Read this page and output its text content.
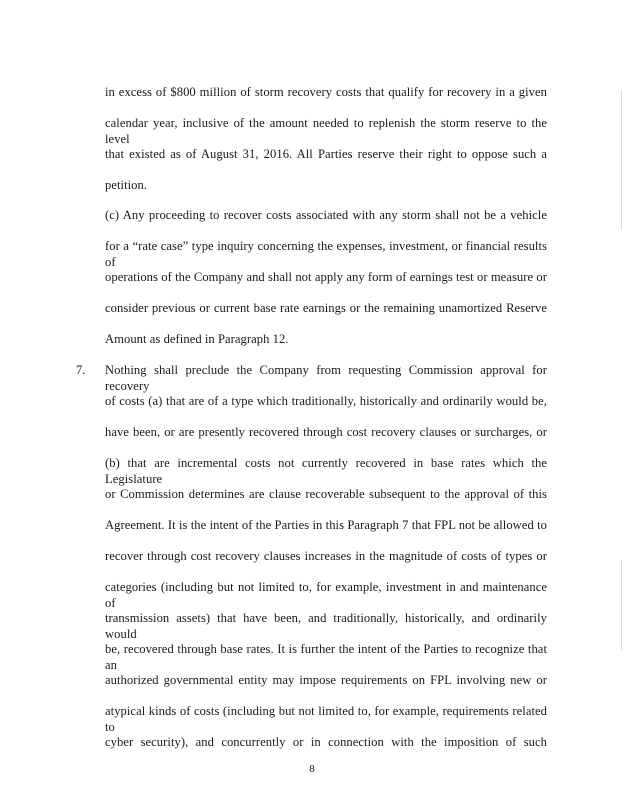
in excess of $800 million of storm recovery costs that qualify for recovery in a given
calendar year, inclusive of the amount needed to replenish the storm reserve to the level
that existed as of August 31, 2016. All Parties reserve their right to oppose such a
petition.
(c) Any proceeding to recover costs associated with any storm shall not be a vehicle
for a “rate case” type inquiry concerning the expenses, investment, or financial results of
operations of the Company and shall not apply any form of earnings test or measure or
consider previous or current base rate earnings or the remaining unamortized Reserve
Amount as defined in Paragraph 12.
7. Nothing shall preclude the Company from requesting Commission approval for recovery
of costs (a) that are of a type which traditionally, historically and ordinarily would be,
have been, or are presently recovered through cost recovery clauses or surcharges, or
(b) that are incremental costs not currently recovered in base rates which the Legislature
or Commission determines are clause recoverable subsequent to the approval of this
Agreement. It is the intent of the Parties in this Paragraph 7 that FPL not be allowed to
recover through cost recovery clauses increases in the magnitude of costs of types or
categories (including but not limited to, for example, investment in and maintenance of
transmission assets) that have been, and traditionally, historically, and ordinarily would
be, recovered through base rates. It is further the intent of the Parties to recognize that an
authorized governmental entity may impose requirements on FPL involving new or
atypical kinds of costs (including but not limited to, for example, requirements related to
cyber security), and concurrently or in connection with the imposition of such
8
